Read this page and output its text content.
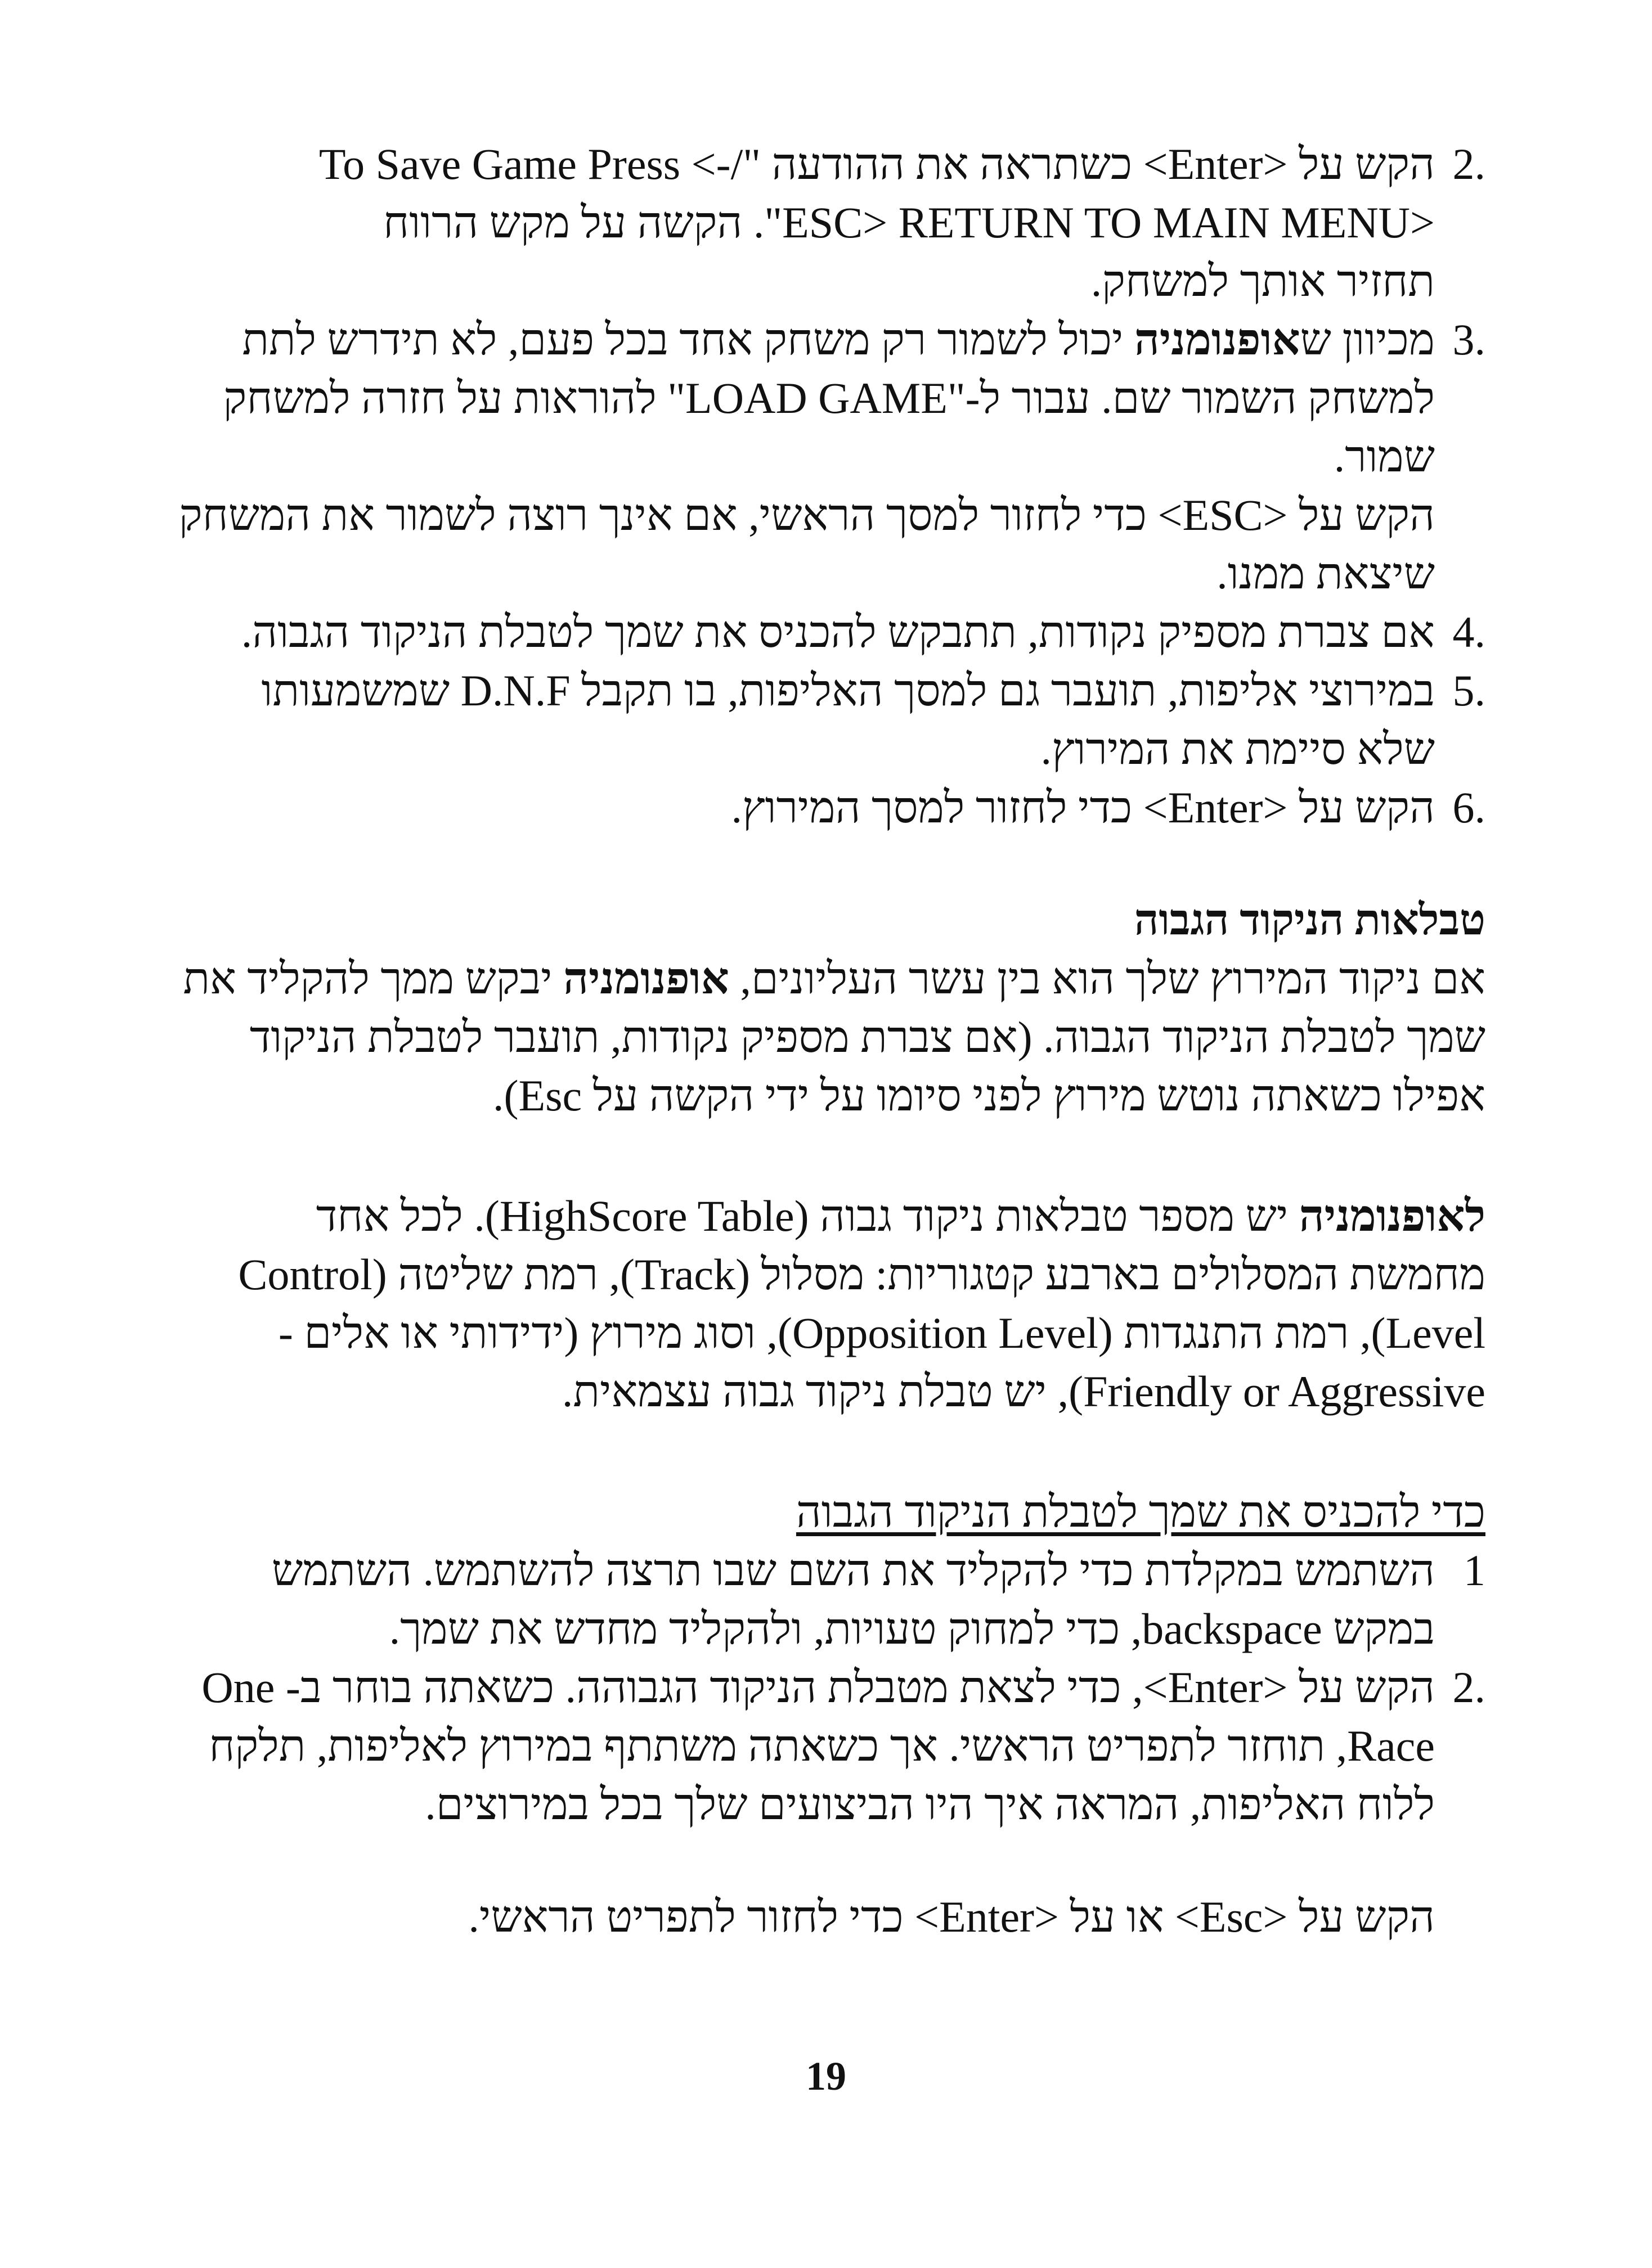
.2הקש על <Enter> כשתראה את ההודעה "/-> To Save Game Press

<ESC> RETURN TO MAIN MENU". הקשה על מקש הרווח

תחזיר אותך למשחק.

.3מכיוון שאופנומניה יכול לשמור רק משחק אחד בכל פעם, לא תידרש לתת

למשחק השמור שם. עבור ל-"LOAD GAME" להוראות על חזרה למשחק

שמור.

הקש על <ESC> כדי לחזור למסך הראשי, אם אינך רוצה לשמור את המשחק

שיצאת ממנו.

.4אם צברת מספיק נקודות, תתבקש להכניס את שמך לטבלת הניקוד הגבוה.

.5במירוצי אליפות, תועבר גם למסך האליפות, בו תקבל D.N.F שמשמעותו

שלא סיימת את המירוץ.

.6הקש על <Enter> כדי לחזור למסך המירוץ.

טבלאות הניקוד הגבוה

אם ניקוד המירוץ שלך הוא בין עשר העליונים, אופנומניה יבקש ממך להקליד את

שמך לטבלת הניקוד הגבוה. (אם צברת מספיק נקודות, תועבר לטבלת הניקוד

אפילו כשאתה נוטש מירוץ לפני סיומו על ידי הקשה על Esc).

לאופנומניה יש מספר טבלאות ניקוד גבוה (HighScore Table). לכל אחד

מחמשת המסלולים בארבע קטגוריות: מסלול (Track), רמת שליטה (Control

Level), רמת התנגדות (Opposition Level), וסוג מירוץ (ידידותי או אלים -

Friendly or Aggressive), יש טבלת ניקוד גבוה עצמאית.

כדי להכניס את שמך לטבלת הניקוד הגבוה

1השתמש במקלדת כדי להקליד את השם שבו תרצה להשתמש. השתמש

במקש backspace, כדי למחוק טעויות, ולהקליד מחדש את שמך.

.2הקש על <Enter>, כדי לצאת מטבלת הניקוד הגבוהה. כשאתה בוחר ב- One

Race, תוחזר לתפריט הראשי. אך כשאתה משתתף במירוץ לאליפות, תלקח

ללוח האליפות, המראה איך היו הביצועים שלך בכל במירוצים.

הקש על <Esc> או על <Enter> כדי לחזור לתפריט הראשי.

19
